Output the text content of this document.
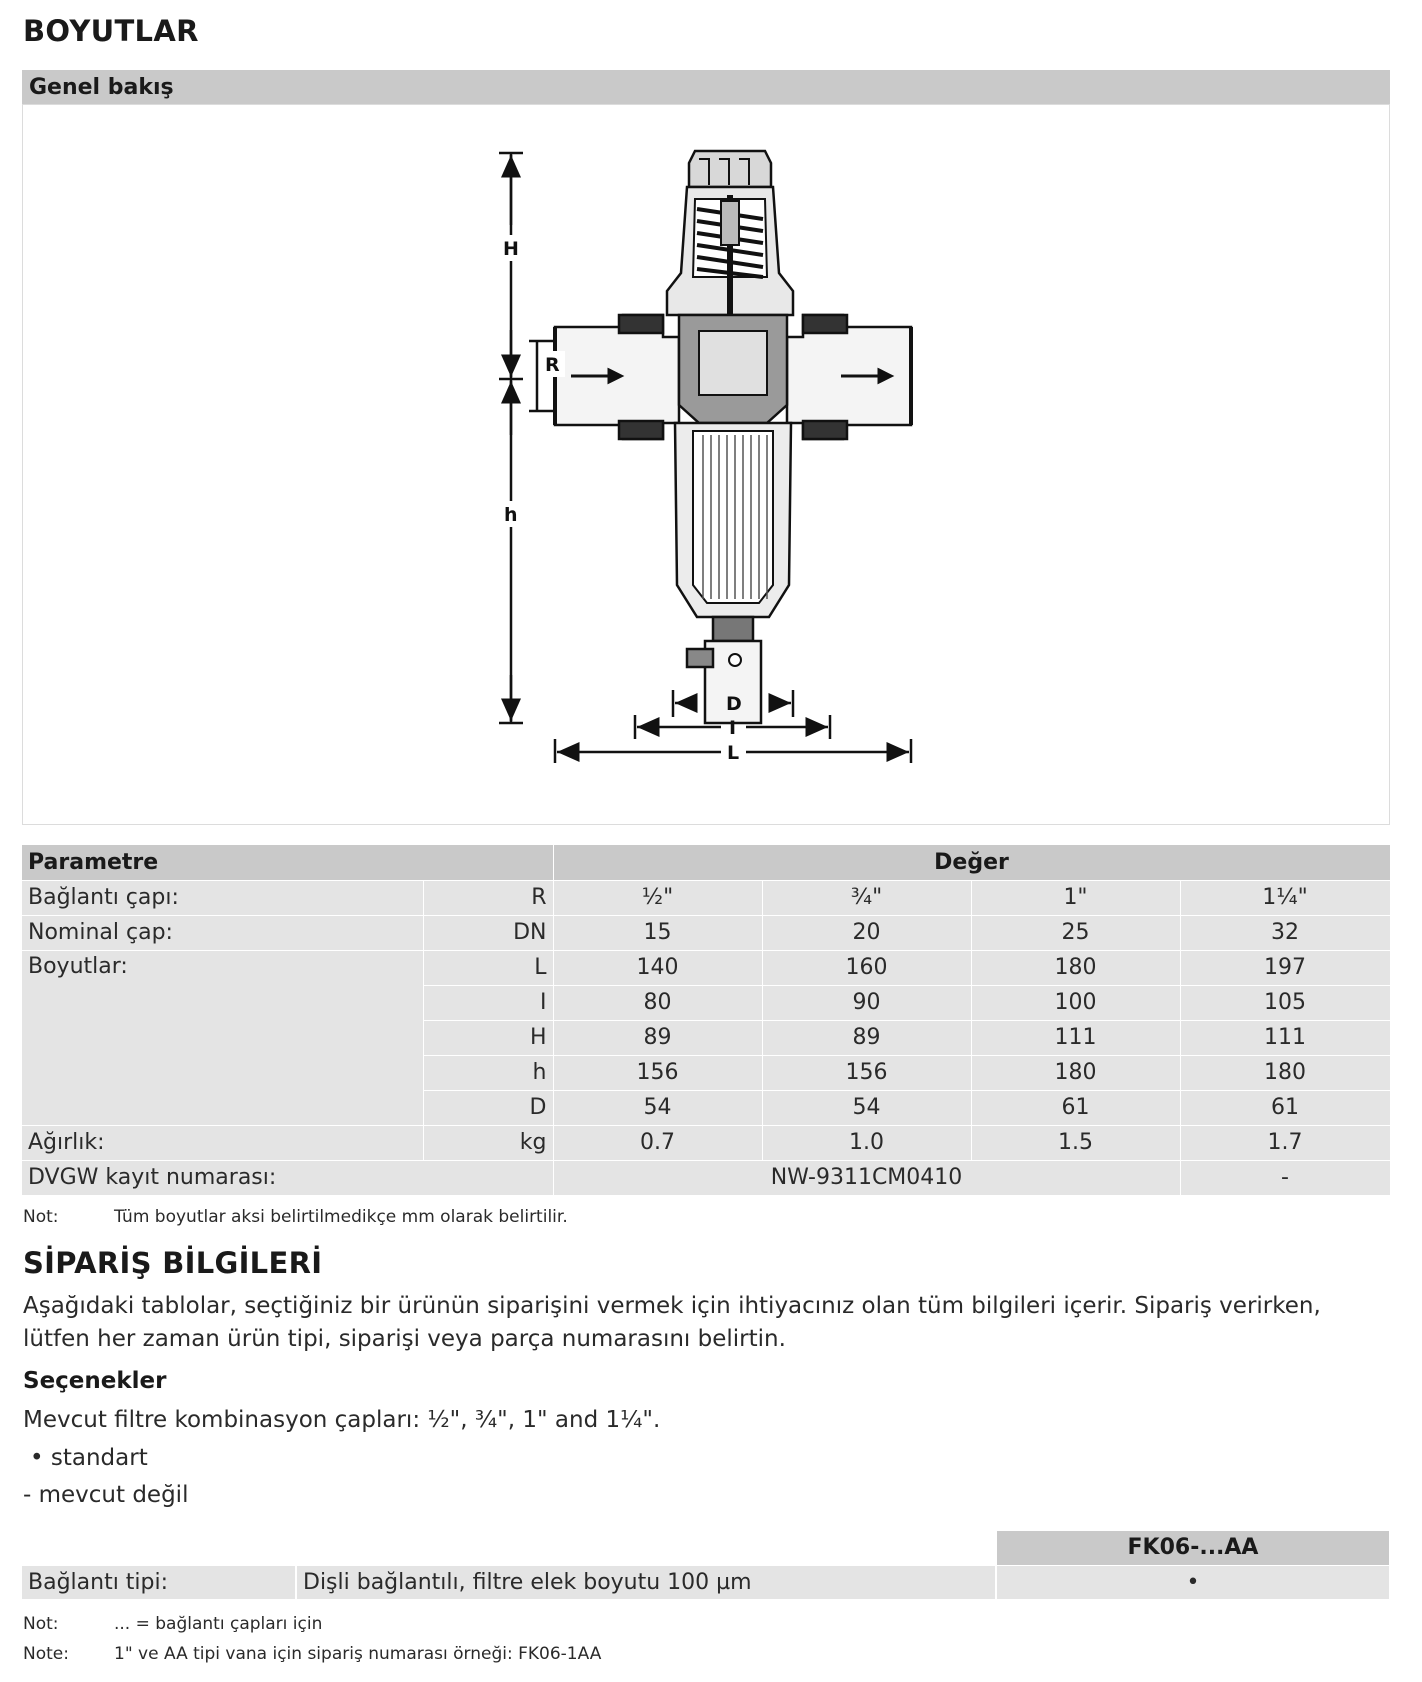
BOYUTLAR
Genel bakış
H
R
h
D
I
L
Parametre		Değer			
Bağlantı çapı:	R	½"	¾"	1"	1¼"
Nominal çap:	DN	15	20	25	32
Boyutlar:	L	140	160	180	197
	I	80	90	100	105
	H	89	89	111	111
	h	156	156	180	180
	D	54	54	61	61
Ağırlık:	kg	0.7	1.0	1.5	1.7
DVGW kayıt numarası:		NW-9311CM0410			-
Not:	Tüm boyutlar aksi belirtilmedikçe mm olarak belirtilir.
SİPARİŞ BİLGİLERİ
Aşağıdaki tablolar, seçtiğiniz bir ürünün siparişini vermek için ihtiyacınız olan tüm bilgileri içerir. Sipariş verirken, lütfen her zaman ürün tipi, siparişi veya parça numarasını belirtin.
Seçenekler
Mevcut filtre kombinasyon çapları: ½", ¾", 1" and 1¼".
• standart
- mevcut değil
		FK06-...AA
Bağlantı tipi:	Dişli bağlantılı, filtre elek boyutu 100 µm	•
Not:	... = bağlantı çapları için
Note:	1" ve AA tipi vana için sipariş numarası örneği: FK06-1AA
